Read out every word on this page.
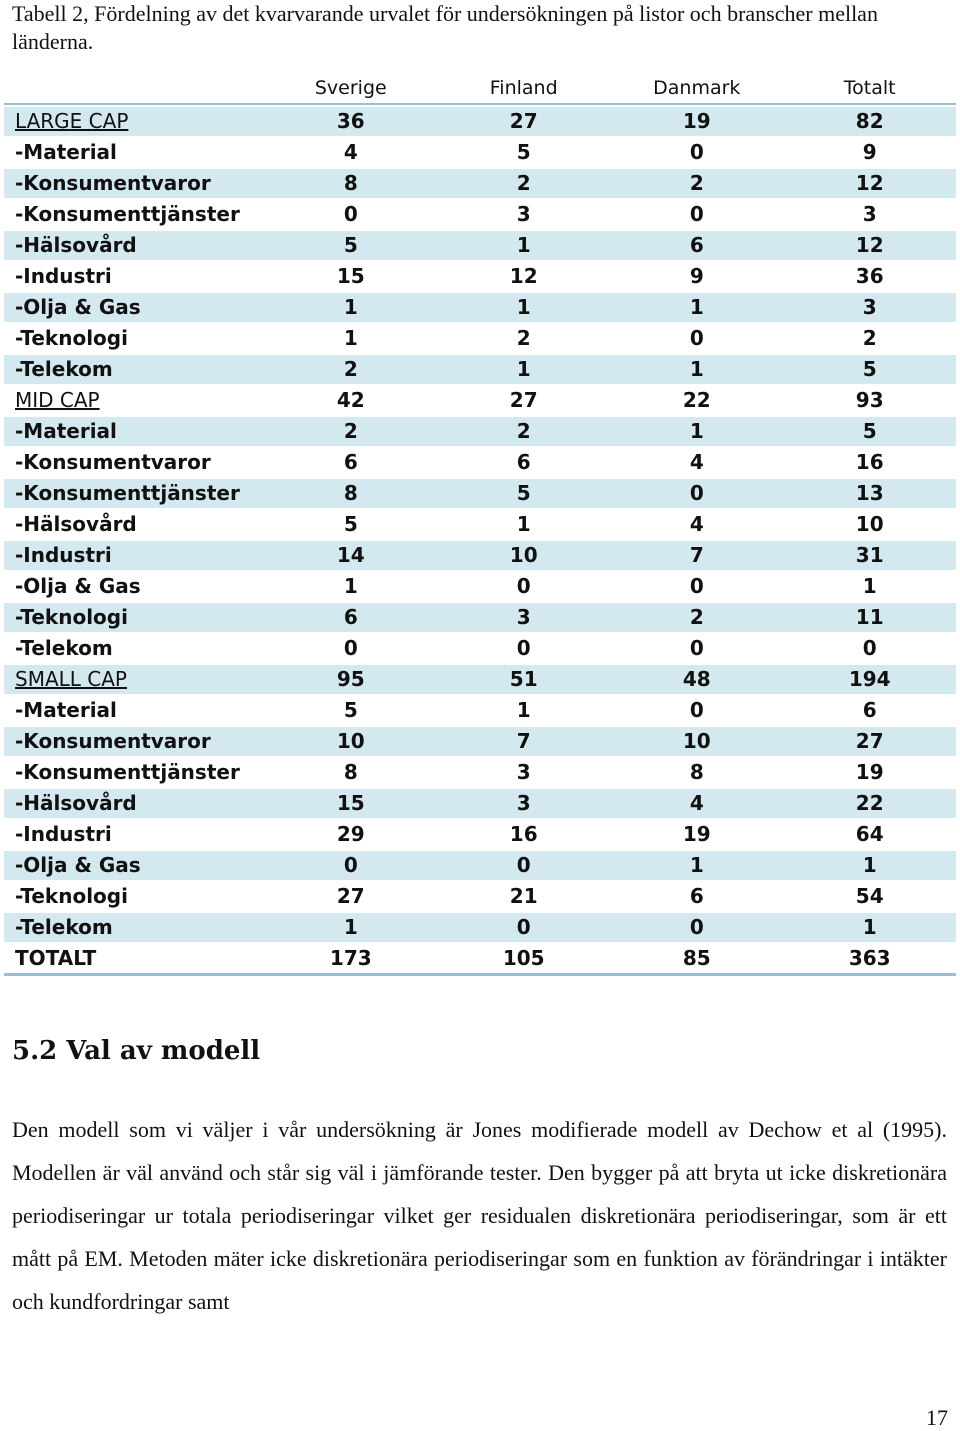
Tabell 2, Fördelning av det kvarvarande urvalet för undersökningen på listor och branscher mellan länderna.
	Sverige	Finland	Danmark	Totalt
LARGE CAP	36	27	19	82
-Material	4	5	0	9
-Konsumentvaror	8	2	2	12
-Konsumenttjänster	0	3	0	3
-Hälsovård	5	1	6	12
-Industri	15	12	9	36
-Olja & Gas	1	1	1	3
-Teknologi	1	2	0	2
-Telekom	2	1	1	5
MID CAP	42	27	22	93
-Material	2	2	1	5
-Konsumentvaror	6	6	4	16
-Konsumenttjänster	8	5	0	13
-Hälsovård	5	1	4	10
-Industri	14	10	7	31
-Olja & Gas	1	0	0	1
-Teknologi	6	3	2	11
-Telekom	0	0	0	0
SMALL CAP	95	51	48	194
-Material	5	1	0	6
-Konsumentvaror	10	7	10	27
-Konsumenttjänster	8	3	8	19
-Hälsovård	15	3	4	22
-Industri	29	16	19	64
-Olja & Gas	0	0	1	1
-Teknologi	27	21	6	54
-Telekom	1	0	0	1
TOTALT	173	105	85	363
5.2 Val av modell

Den modell som vi väljer i vår undersökning är Jones modifierade modell av Dechow et al (1995). Modellen är väl använd och står sig väl i jämförande tester. Den bygger på att bryta ut icke diskretionära periodiseringar ur totala periodiseringar vilket ger residualen diskretionära periodiseringar, som är ett mått på EM. Metoden mäter icke diskretionära periodiseringar som en funktion av förändringar i intäkter och kundfordringar samt

17
